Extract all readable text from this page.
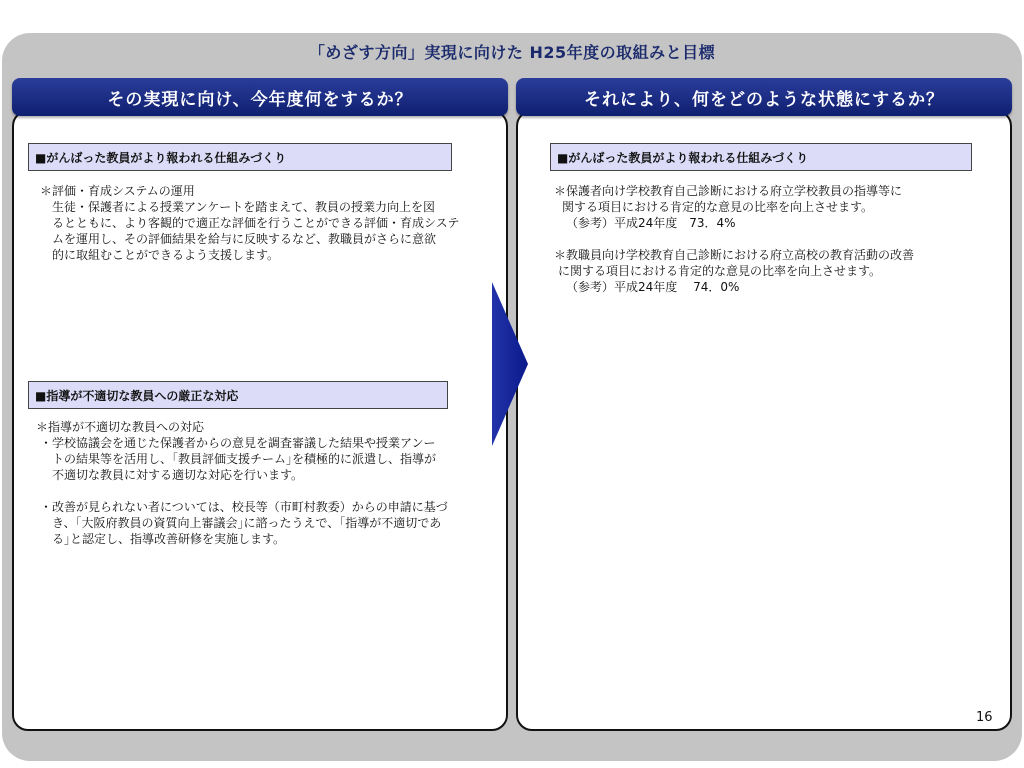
「めざす方向」実現に向けた H25年度の取組みと目標
その実現に向け、今年度何をするか？	それにより、何をどのような状態にするか？
■がんばった教員がより報われる仕組みづくり

＊評価・育成システムの運用

生徒・保護者による授業アンケートを踏まえて、教員の授業力向上を図

るとともに、より客観的で適正な評価を行うことができる評価・育成システ

ムを運用し、その評価結果を給与に反映するなど、教職員がさらに意欲

的に取組むことができるよう支援します。

■指導が不適切な教員への厳正な対応

＊指導が不適切な教員への対応

・学校協議会を通じた保護者からの意見を調査審議した結果や授業アンー

トの結果等を活用し、｢教員評価支援チーム｣を積極的に派遣し、指導が

不適切な教員に対する適切な対応を行います。

・改善が見られない者については、校長等（市町村教委）からの申請に基づ

き、｢大阪府教員の資質向上審議会｣に諮ったうえで、｢指導が不適切であ

る｣と認定し、指導改善研修を実施します。

■がんばった教員がより報われる仕組みづくり

＊保護者向け学校教育自己診断における府立学校教員の指導等に

関する項目における肯定的な意見の比率を向上させます。

（参考）平成24年度　73．4%

＊教職員向け学校教育自己診断における府立高校の教育活動の改善

に関する項目における肯定的な意見の比率を向上させます。

（参考）平成24年度　 74．0%

16
